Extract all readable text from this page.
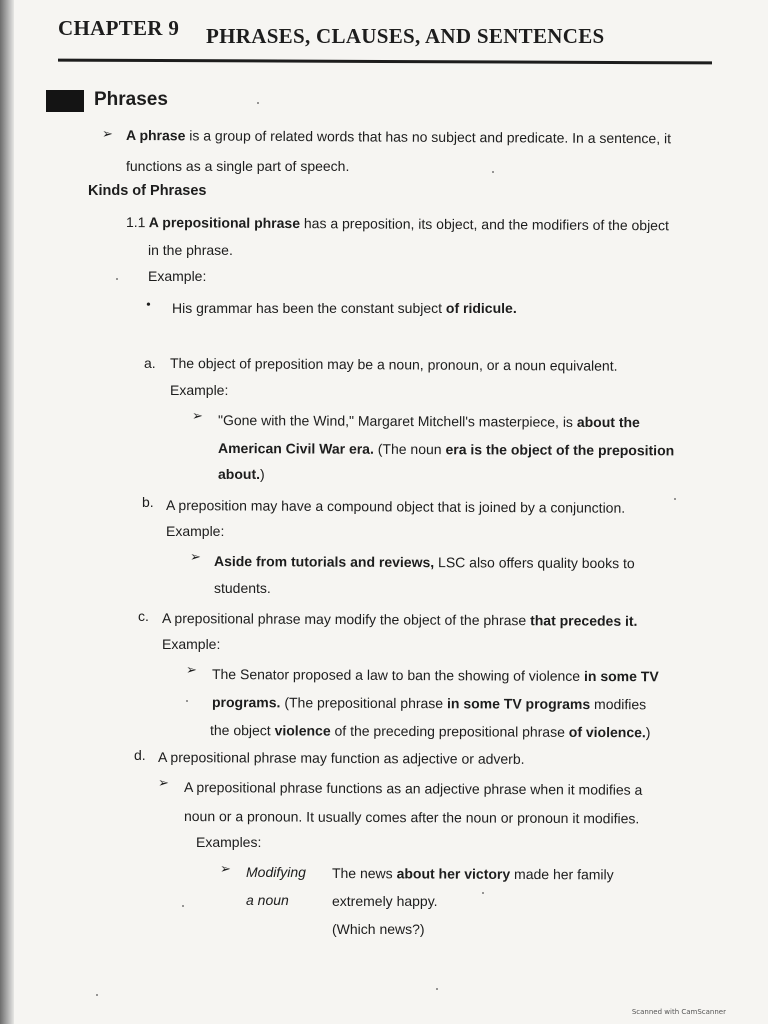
CHAPTER 9 PHRASES, CLAUSES, AND SENTENCES
Phrases
➢ A phrase is a group of related words that has no subject and predicate. In a sentence, it
functions as a single part of speech.
Kinds of Phrases
1.1 A prepositional phrase has a preposition, its object, and the modifiers of the object
in the phrase.
Example:
• His grammar has been the constant subject of ridicule.
a. The object of preposition may be a noun, pronoun, or a noun equivalent.
Example:
➢ "Gone with the Wind," Margaret Mitchell's masterpiece, is about the
American Civil War era. (The noun era is the object of the preposition
about.)
b. A preposition may have a compound object that is joined by a conjunction.
Example:
➢ Aside from tutorials and reviews, LSC also offers quality books to
students.
c. A prepositional phrase may modify the object of the phrase that precedes it.
Example:
➢ The Senator proposed a law to ban the showing of violence in some TV
programs. (The prepositional phrase in some TV programs modifies
the object violence of the preceding prepositional phrase of violence.)
d. A prepositional phrase may function as adjective or adverb.
➢ A prepositional phrase functions as an adjective phrase when it modifies a
noun or a pronoun. It usually comes after the noun or pronoun it modifies.
Examples:
➢ Modifying
a noun
The news about her victory made her family
extremely happy.
(Which news?)
Scanned with CamScanner
